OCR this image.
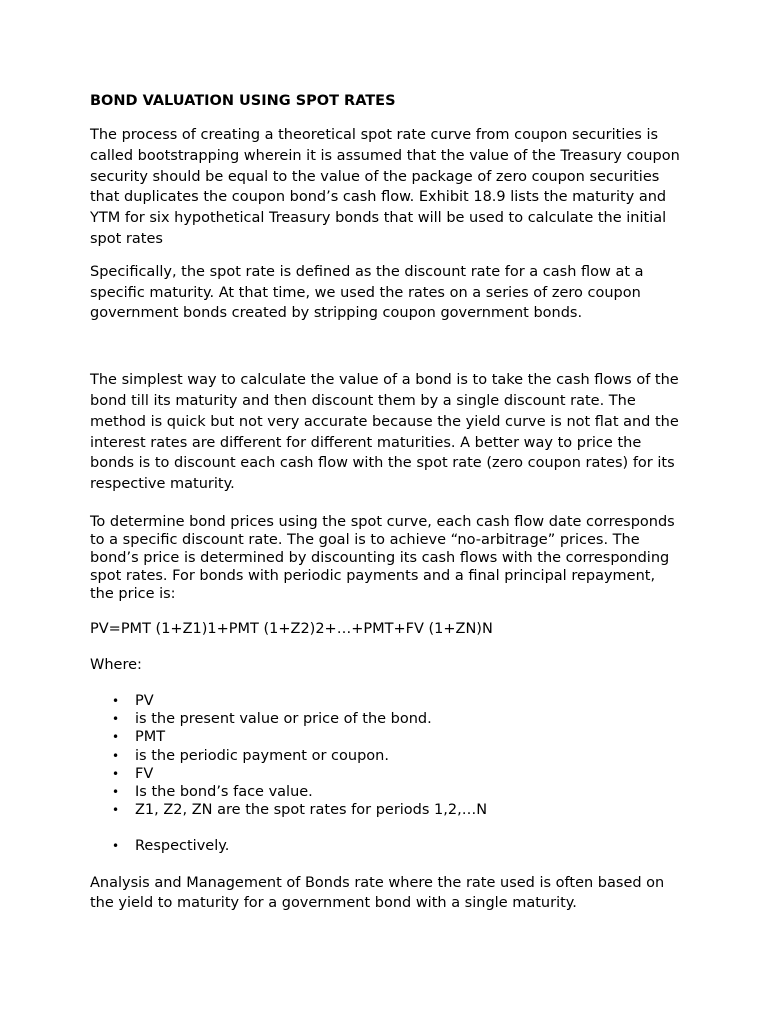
BOND VALUATION USING SPOT RATES

The process of creating a theoretical spot rate curve from coupon securities is called bootstrapping wherein it is assumed that the value of the Treasury coupon security should be equal to the value of the package of zero coupon securities that duplicates the coupon bond’s cash flow. Exhibit 18.9 lists the maturity and YTM for six hypothetical Treasury bonds that will be used to calculate the initial spot rates

Specifically, the spot rate is defined as the discount rate for a cash flow at a specific maturity. At that time, we used the rates on a series of zero coupon government bonds created by stripping coupon government bonds.

The simplest way to calculate the value of a bond is to take the cash flows of the bond till its maturity and then discount them by a single discount rate. The method is quick but not very accurate because the yield curve is not flat and the interest rates are different for different maturities. A better way to price the bonds is to discount each cash flow with the spot rate (zero coupon rates) for its respective maturity.

To determine bond prices using the spot curve, each cash flow date corresponds to a specific discount rate. The goal is to achieve “no-arbitrage” prices. The bond’s price is determined by discounting its cash flows with the corresponding spot rates. For bonds with periodic payments and a final principal repayment, the price is:

PV=PMT (1+Z1)1+PMT (1+Z2)2+…+PMT+FV (1+ZN)N

Where:

• PV
• is the present value or price of the bond.
• PMT
• is the periodic payment or coupon.
• FV
• Is the bond’s face value.
• Z1, Z2, ZN are the spot rates for periods 1,2,…N
• Respectively.

Analysis and Management of Bonds rate where the rate used is often based on the yield to maturity for a government bond with a single maturity.
